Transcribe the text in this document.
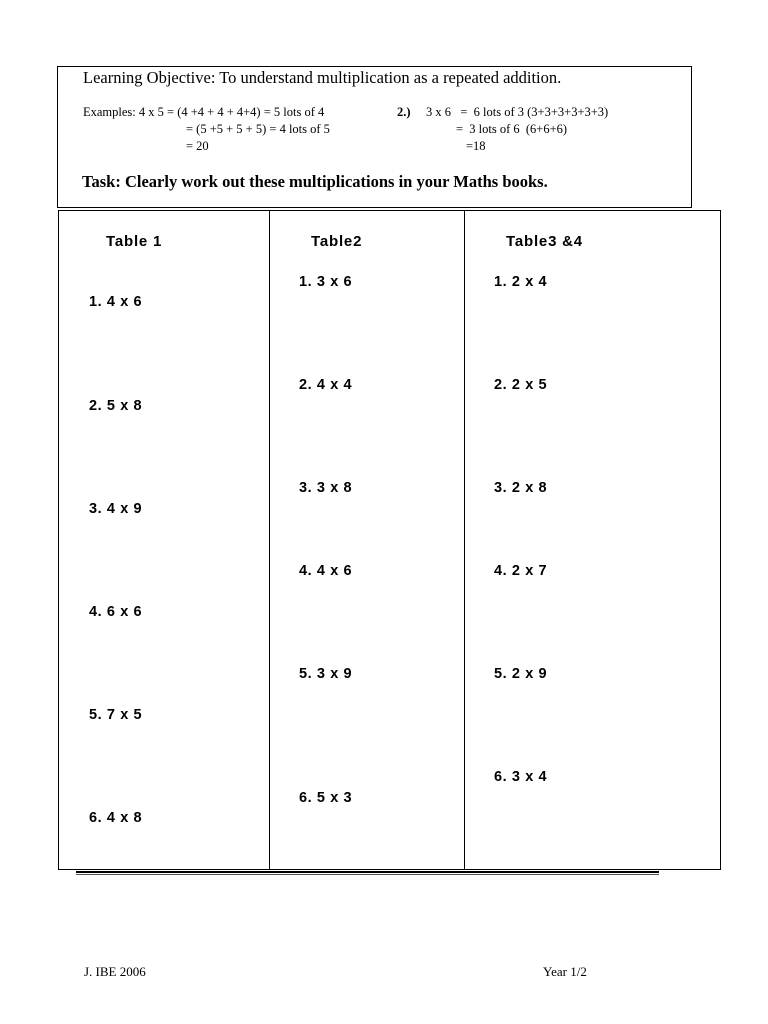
Learning Objective: To understand multiplication as a repeated addition.
Examples: 4 x 5 = (4 +4 + 4 + 4+4) = 5 lots of 4
= (5 +5 + 5 + 5) = 4 lots of 5
= 20
2.) 3 x 6   =  6 lots of 3 (3+3+3+3+3+3)
=  3 lots of 6  (6+6+6)
=18
Task: Clearly work out these multiplications in your Maths books.
Table 1
1. 4 x 6
2. 5 x 8
3. 4 x 9
4. 6 x 6
5. 7 x 5
6. 4 x 8
Table2
1. 3 x 6
2. 4 x 4
3. 3 x 8
4. 4 x 6
5. 3 x 9
6. 5 x 3
Table3 &4
1. 2 x 4
2. 2 x 5
3. 2 x 8
4. 2 x 7
5. 2 x 9
6. 3 x 4
J. IBE 2006	Year 1/2
